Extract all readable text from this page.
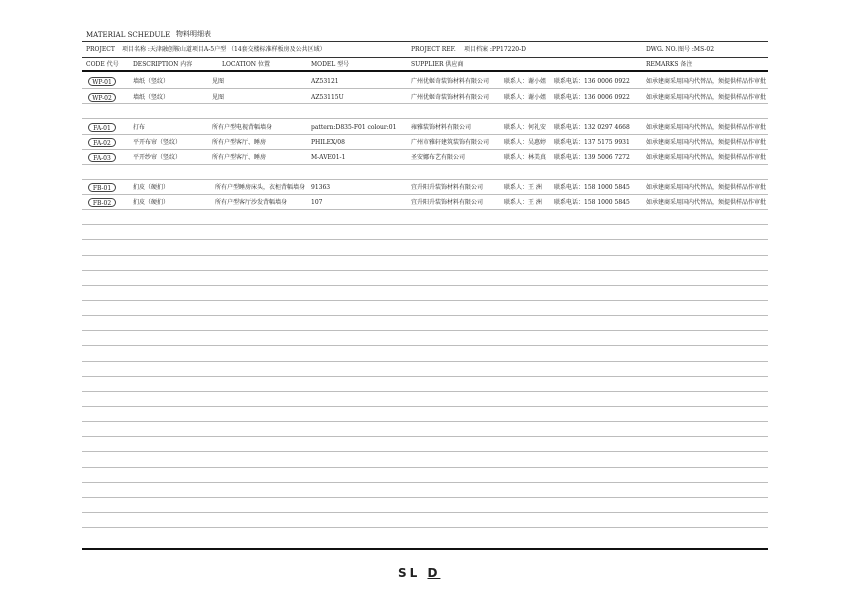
MATERIAL SCHEDULE 物料明细表
PROJECT 项目名称 :天津融创鞍山道项目A-5户型 （14套交楼标准样板房及公共区域）	PROJECT REF. 项目档案 :PP17220-D	DWG. NO. 图号 :MS-02
CODE 代号 DESCRIPTION 内容	LOCATION 位置	MODEL 型号	SUPPLIER 供应商	REMARKS 备注
WP-01	墙纸（竖纹）	见图	AZ53121	广州优姬奇装饰材料有限公司 联系人：谢小姐 联系电话：136 0006 0922	如承建商采用国内代替品，须提供样品作审批
WP-02	墙纸（竖纹）	见图	AZ53115U	广州优姬奇装饰材料有限公司 联系人：谢小姐 联系电话：136 0006 0922	如承建商采用国内代替品，须提供样品作审批
FA-01	打布	所有户型电视背幅墙身	pattern:D835-F01 colour:01 雍雅装饰材料有限公司	联系人：何礼安 联系电话：132 0297 4668	如承建商采用国内代替品，须提供样品作审批
FA-02	平开布帘（竖纹）	所有户型客厅、睡房	PHILEX/08	广州市雅轩建筑装饰有限公司 联系人：吴惠婷 联系电话：137 5175 9931	如承建商采用国内代替品，须提供样品作审批
FA-03	平开纱帘（竖纹）	所有户型客厅、睡房	M-AVE01-1	圣安娜布艺有限公司	联系人：林美真 联系电话：139 5006 7272	如承建商采用国内代替品，须提供样品作审批
FB-01	扪皮（硬扪）	所有户型睡房床头，衣柜背幅墙身 91363	宜升阳升装饰材料有限公司	联系人：王 洲 联系电话：158 1000 5845	如承建商采用国内代替品，须提供样品作审批
FB-02	扪皮（硬扪）	所有户型客厅沙发背幅墙身	107	宜升阳升装饰材料有限公司	联系人：王 洲 联系电话：158 1000 5845	如承建商采用国内代替品，须提供样品作审批
SL D
